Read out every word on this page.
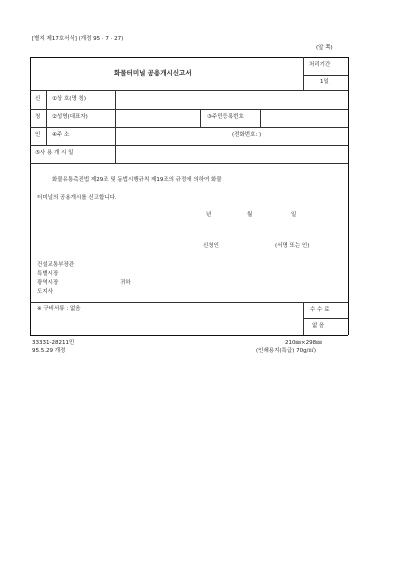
[별지 제17호서식] (개정 95 · 7 · 27)
(앞 쪽)
화물터미널 공용개시신고서
처리기간
1일
신
청
인
①상 호(명 칭)
②성명(대표자)	③주민등록번호
④주 소	(전화번호: )
⑤사 용 개 시 일
화물유통촉진법 제29조 및 동법시행규칙 제19조의 규정에 의하여 화물
터미널의 공용개시를 신고합니다.
년	월	일
신청인	(서명 또는 인)
건설교통부장관
특별시장
광역시장
도지사
귀하
※ 구비서류 : 없음	수 수 료
없 음
33331-28211민
95.5.29 개정
210㎜×298㎜
(인쇄용지(특급) 70g/㎡)
